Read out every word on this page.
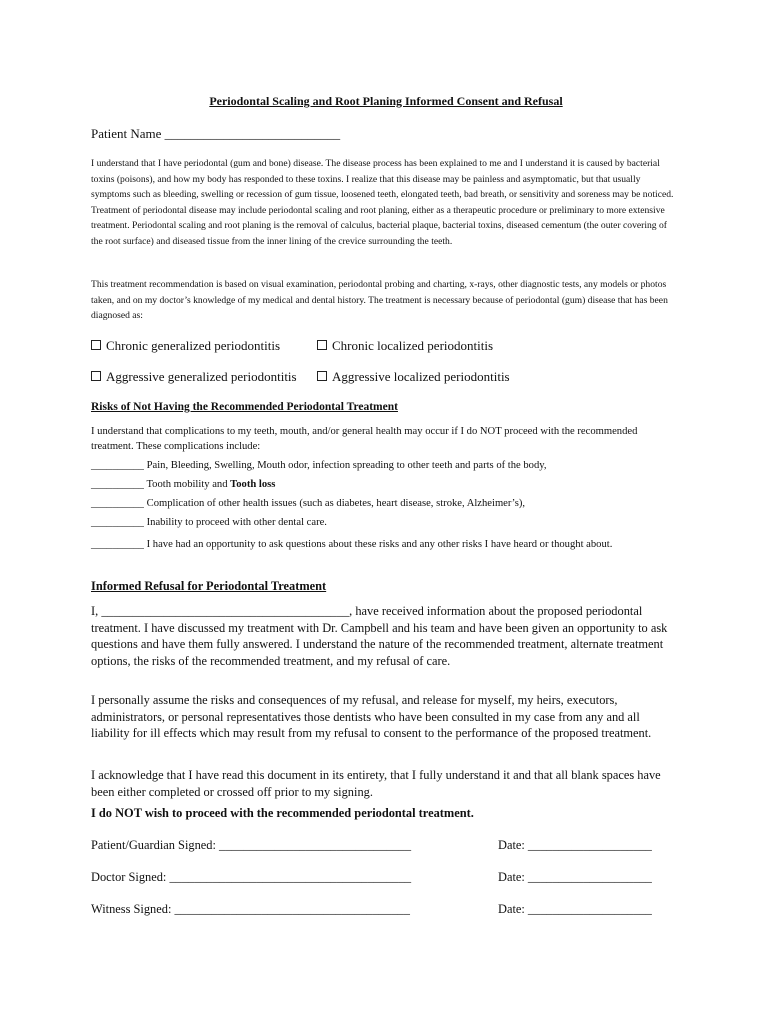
Periodontal Scaling and Root Planing Informed Consent and Refusal
Patient Name ___________________________
I understand that I have periodontal (gum and bone) disease. The disease process has been explained to me and I understand it is caused by bacterial toxins (poisons), and how my body has responded to these toxins. I realize that this disease may be painless and asymptomatic, but that usually symptoms such as bleeding, swelling or recession of gum tissue, loosened teeth, elongated teeth, bad breath, or sensitivity and soreness may be noticed. Treatment of periodontal disease may include periodontal scaling and root planing, either as a therapeutic procedure or preliminary to more extensive treatment. Periodontal scaling and root planing is the removal of calculus, bacterial plaque, bacterial toxins, diseased cementum (the outer covering of the root surface) and diseased tissue from the inner lining of the crevice surrounding the teeth.
This treatment recommendation is based on visual examination, periodontal probing and charting, x-rays, other diagnostic tests, any models or photos taken, and on my doctor’s knowledge of my medical and dental history. The treatment is necessary because of periodontal (gum) disease that has been diagnosed as:
Chronic generalized periodontitis	Chronic localized periodontitis
Aggressive generalized periodontitis	Aggressive localized periodontitis
Risks of Not Having the Recommended Periodontal Treatment
I understand that complications to my teeth, mouth, and/or general health may occur if I do NOT proceed with the recommended treatment. These complications include:
__________ Pain, Bleeding, Swelling, Mouth odor, infection spreading to other teeth and parts of the body,
__________ Tooth mobility and Tooth loss
__________ Complication of other health issues (such as diabetes, heart disease, stroke, Alzheimer’s),
__________ Inability to proceed with other dental care.
__________ I have had an opportunity to ask questions about these risks and any other risks I have heard or thought about.
Informed Refusal for Periodontal Treatment
I, ________________________________________, have received information about the proposed periodontal treatment. I have discussed my treatment with Dr. Campbell and his team and have been given an opportunity to ask questions and have them fully answered. I understand the nature of the recommended treatment, alternate treatment options, the risks of the recommended treatment, and my refusal of care.
I personally assume the risks and consequences of my refusal, and release for myself, my heirs, executors, administrators, or personal representatives those dentists who have been consulted in my case from any and all liability for ill effects which may result from my refusal to consent to the performance of the proposed treatment.
I acknowledge that I have read this document in its entirety, that I fully understand it and that all blank spaces have been either completed or crossed off prior to my signing.
I do NOT wish to proceed with the recommended periodontal treatment.
Patient/Guardian Signed: _______________________________	Date: ____________________
Doctor Signed: _______________________________________	Date: ____________________
Witness Signed: ______________________________________	Date: ____________________
